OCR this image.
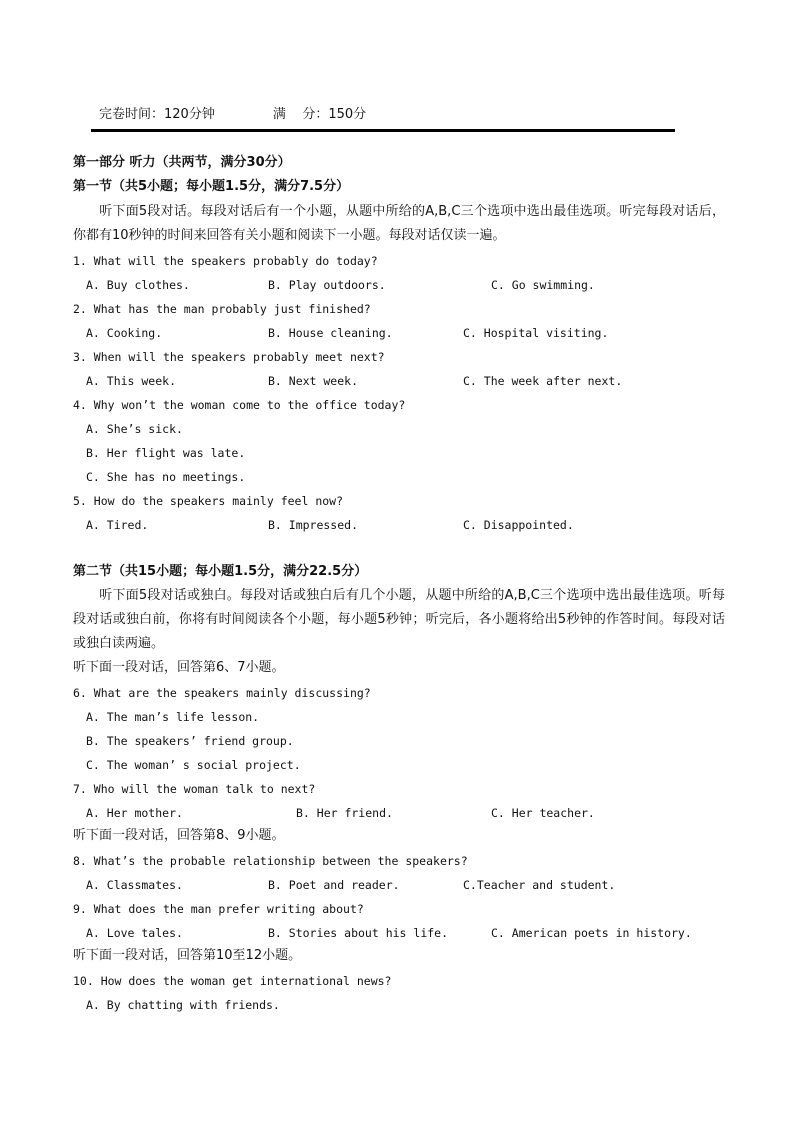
完卷时间：120分钟	满    分：150分
第一部分 听力（共两节，满分30分）
第一节（共5小题；每小题1.5分，满分7.5分）
听下面5段对话。每段对话后有一个小题，从题中所给的A,B,C三个选项中选出最佳选项。听完每段对话后，你都有10秒钟的时间来回答有关小题和阅读下一小题。每段对话仅读一遍。
1. What will the speakers probably do today?
A. Buy clothes.	B. Play outdoors.	C. Go swimming.
2. What has the man probably just finished?
A. Cooking.	B. House cleaning.	C. Hospital visiting.
3. When will the speakers probably meet next?
A. This week.	B. Next week.	C. The week after next.
4. Why won’t the woman come to the office today?
A. She’s sick.
B. Her flight was late.
C. She has no meetings.
5. How do the speakers mainly feel now?
A. Tired.	B. Impressed.	C. Disappointed.
第二节（共15小题；每小题1.5分，满分22.5分）
听下面5段对话或独白。每段对话或独白后有几个小题，从题中所给的A,B,C三个选项中选出最佳选项。听每段对话或独白前，你将有时间阅读各个小题，每小题5秒钟；听完后，各小题将给出5秒钟的作答时间。每段对话或独白读两遍。
听下面一段对话，回答第6、7小题。
6. What are the speakers mainly discussing?
A. The man’s life lesson.
B. The speakers’ friend group.
C. The woman’ s social project.
7. Who will the woman talk to next?
A. Her mother.	B. Her friend.	C. Her teacher.
听下面一段对话，回答第8、9小题。
8. What’s the probable relationship between the speakers?
A. Classmates.	B. Poet and reader.	C.Teacher and student.
9. What does the man prefer writing about?
A. Love tales.	B. Stories about his life.	C. American poets in history.
听下面一段对话，回答第10至12小题。
10. How does the woman get international news?
A. By chatting with friends.
